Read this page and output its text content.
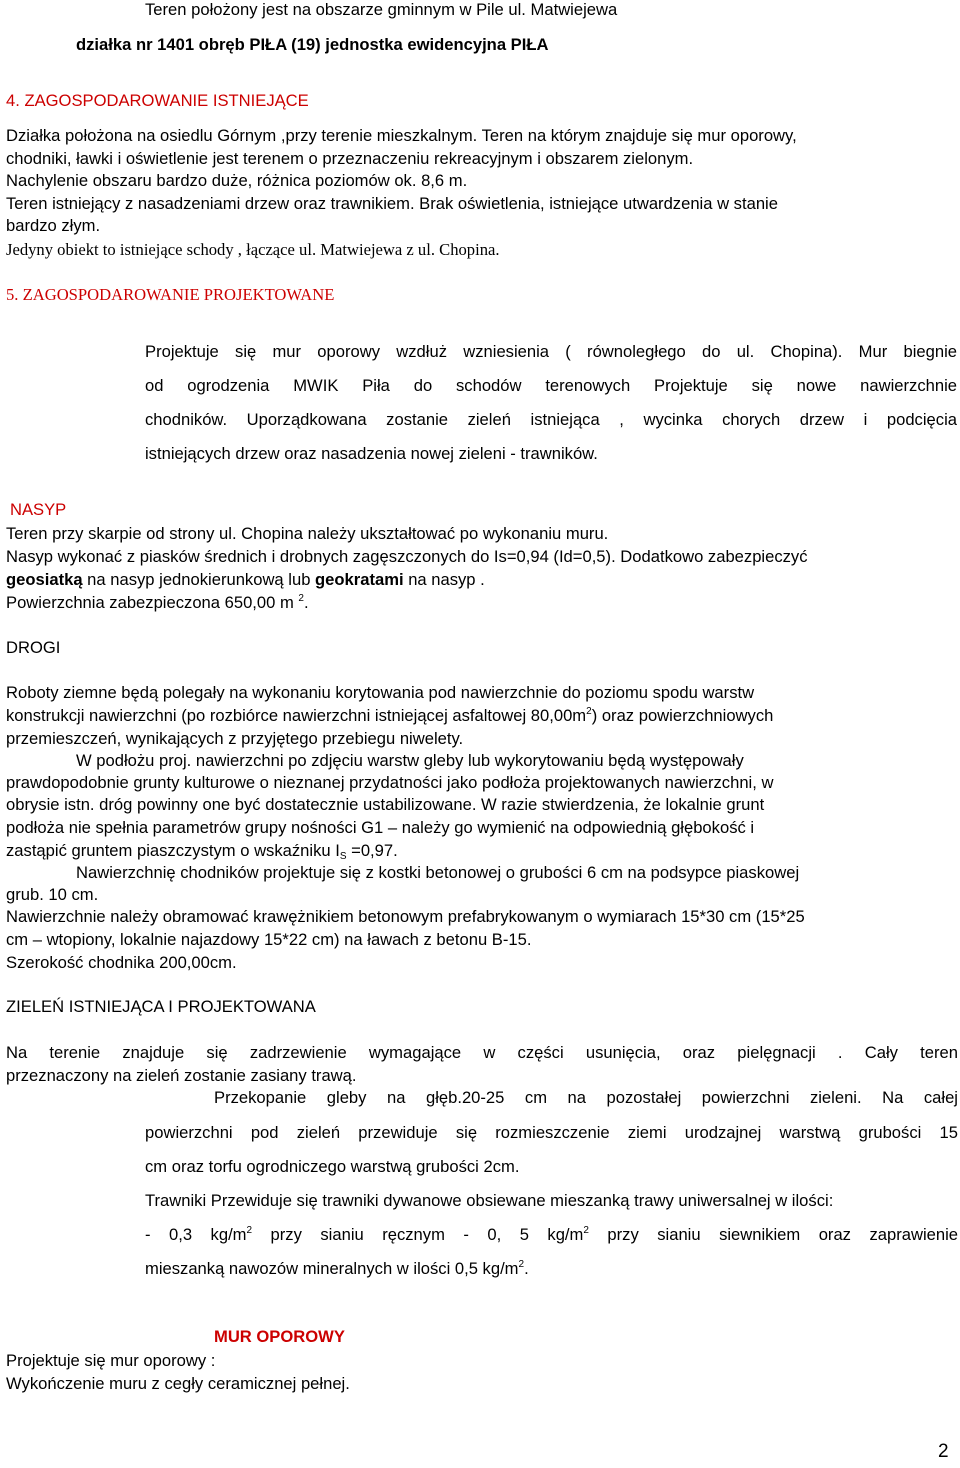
Teren położony jest na obszarze gminnym w Pile ul. Matwiejewa
działka nr 1401 obręb PIŁA (19) jednostka ewidencyjna PIŁA
4. ZAGOSPODAROWANIE ISTNIEJĄCE
Działka położona na osiedlu Górnym ,przy terenie mieszkalnym. Teren na którym znajduje się mur oporowy,
chodniki, ławki i oświetlenie jest terenem o przeznaczeniu rekreacyjnym i obszarem zielonym.
Nachylenie obszaru bardzo duże, różnica poziomów ok. 8,6 m.
Teren istniejący z nasadzeniami drzew oraz trawnikiem. Brak oświetlenia, istniejące utwardzenia w stanie
bardzo złym.
Jedyny obiekt to istniejące schody , łączące ul. Matwiejewa z ul. Chopina.
5. ZAGOSPODAROWANIE PROJEKTOWANE
Projektuje się mur oporowy wzdłuż wzniesienia ( równoległego do ul. Chopina). Mur biegnie
od ogrodzenia MWIK Piła do schodów terenowych Projektuje się nowe nawierzchnie
chodników. Uporządkowana zostanie zieleń istniejąca , wycinka chorych drzew i podcięcia
istniejących drzew oraz nasadzenia nowej zieleni - trawników.
NASYP
Teren przy skarpie od strony ul. Chopina należy ukształtować po wykonaniu muru.
Nasyp wykonać z piasków średnich i drobnych zagęszczonych do Is=0,94 (Id=0,5). Dodatkowo zabezpieczyć
geosiatką na nasyp jednokierunkową lub geokratami na nasyp .
Powierzchnia zabezpieczona 650,00 m $^2$.
DROGI
Roboty ziemne będą polegały na wykonaniu korytowania pod nawierzchnie do poziomu spodu warstw
konstrukcji nawierzchni (po rozbiórce nawierzchni istniejącej asfaltowej $80,00m^2$) oraz powierzchniowych
przemieszczeń, wynikających z przyjętego przebiegu niwelety.
W podłożu proj. nawierzchni po zdjęciu warstw gleby lub wykorytowaniu będą występowały
prawdopodobnie grunty kulturowe o nieznanej przydatności jako podłoża projektowanych nawierzchni, w
obrysie istn. dróg powinny one być dostatecznie ustabilizowane. W razie stwierdzenia, że lokalnie grunt
podłoża nie spełnia parametrów grupy nośności G1 – należy go wymienić na odpowiednią głębokość i
zastąpić gruntem piaszczystym o wskaźniku $I_S =0,97$.
Nawierzchnię chodników projektuje się z kostki betonowej o grubości 6 cm na podsypce piaskowej
grub. 10 cm.
Nawierzchnie należy obramować krawężnikiem betonowym prefabrykowanym o wymiarach 15*30 cm (15*25
cm – wtopiony, lokalnie najazdowy 15*22 cm) na ławach z betonu B-15.
Szerokość chodnika 200,00cm.
ZIELEŃ ISTNIEJĄCA I PROJEKTOWANA
Na terenie znajduje się zadrzewienie wymagające w części usunięcia, oraz pielęgnacji . Cały teren
przeznaczony na zieleń zostanie zasiany trawą.
Przekopanie gleby na głęb.20-25 cm na pozostałej powierzchni zieleni. Na całej
powierzchni pod zieleń przewiduje się rozmieszczenie ziemi urodzajnej warstwą grubości 15
cm oraz torfu ogrodniczego warstwą grubości 2cm.
Trawniki Przewiduje się trawniki dywanowe obsiewane mieszanką trawy uniwersalnej w ilości:
- 0,3 $kg/m^2$ przy sianiu ręcznym - 0, 5 $kg/m^2$ przy sianiu siewnikiem oraz zaprawienie
mieszanką nawozów mineralnych w ilości 0,5 $kg/m^2$.
MUR OPOROWY
Projektuje się mur oporowy :
Wykończenie muru z cegły ceramicznej pełnej.
2
